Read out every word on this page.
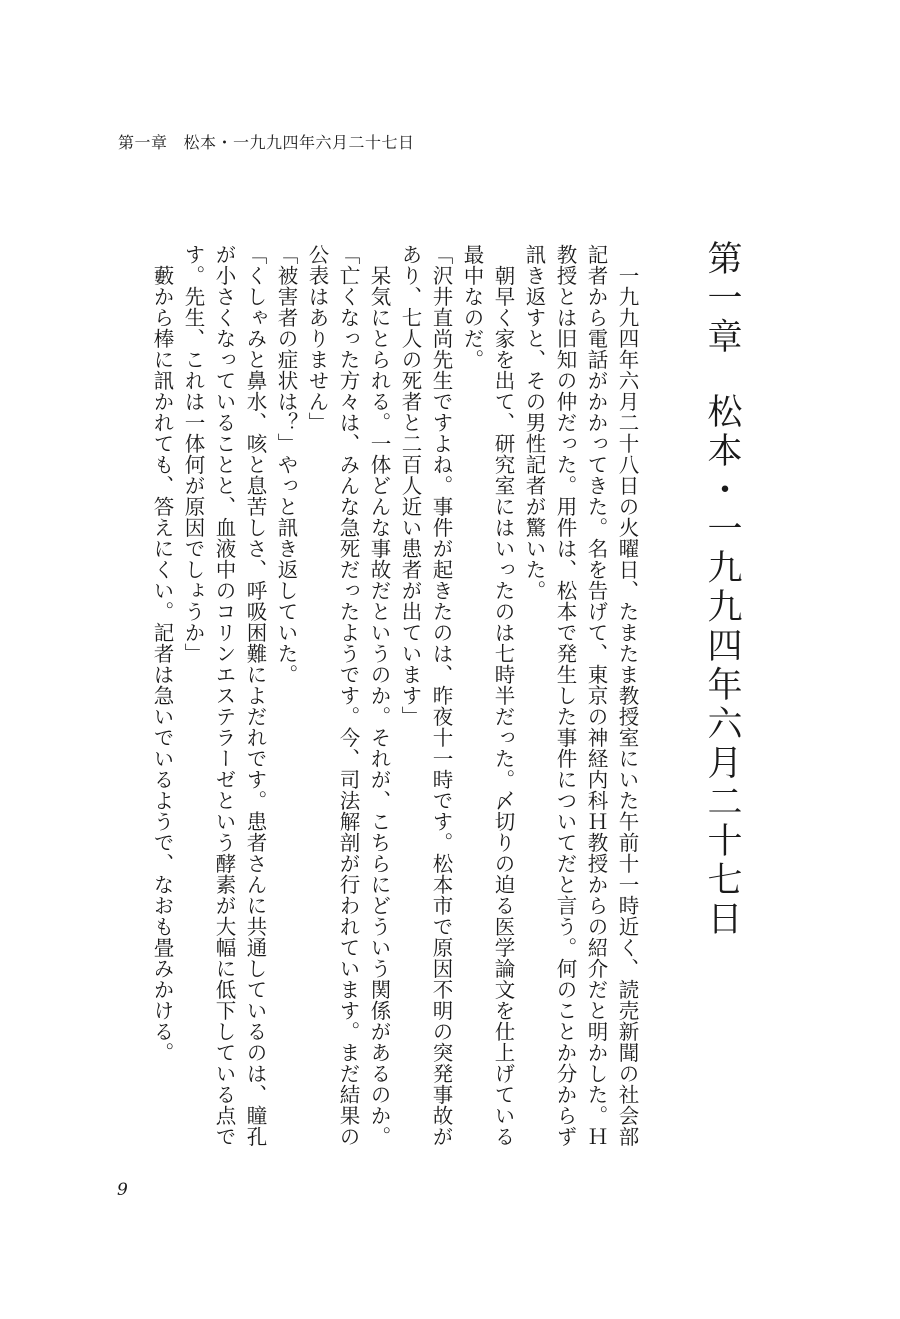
第一章 松本・一九九四年六月二十七日
第一章松本・一九九四年六月二十七日

　一九九四年六月二十八日の火曜日、たまたま教授室にいた午前十一時近く、読売新聞の社会部記者から電話がかかってきた。名を告げて、東京の神経内科Ｈ教授からの紹介だと明かした。Ｈ教授とは旧知の仲だった。用件は、松本で発生した事件についてだと言う。何のことか分からず訊き返すと、その男性記者が驚いた。

　朝早く家を出て、研究室にはいったのは七時半だった。〆切りの迫る医学論文を仕上げている最中なのだ。

「沢井直尚先生ですよね。事件が起きたのは、昨夜十一時です。松本市で原因不明の突発事故があり、七人の死者と二百人近い患者が出ています」

　呆気にとられる。一体どんな事故だというのか。それが、こちらにどういう関係があるのか。

「亡くなった方々は、みんな急死だったようです。今、司法解剖が行われています。まだ結果の公表はありません」

「被害者の症状は？」やっと訊き返していた。

「くしゃみと鼻水、咳と息苦しさ、呼吸困難によだれです。患者さんに共通しているのは、瞳孔が小さくなっていることと、血液中のコリンエステラーゼという酵素が大幅に低下している点です。先生、これは一体何が原因でしょうか」

　藪から棒に訊かれても、答えにくい。記者は急いでいるようで、なおも畳みかける。

9
